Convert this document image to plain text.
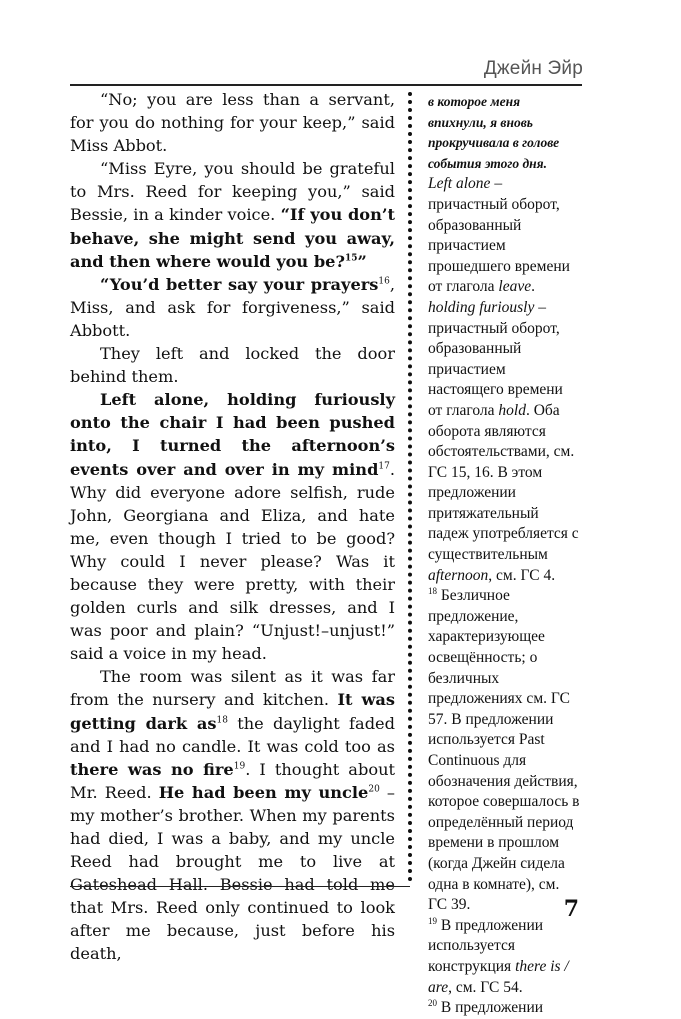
Джейн Эйр

“No; you are less than a servant, for you do nothing for your keep,” said Miss Abbot.

“Miss Eyre, you should be grateful to Mrs. Reed for keeping you,” said Bessie, in a kinder voice. “If you don’t behave, she might send you away, and then where would you be?$^{15}$”

“You’d better say your prayers$^{16}$, Miss, and ask for forgiveness,” said Abbott.

They left and locked the door behind them.

Left alone, holding furiously onto the chair I had been pushed into, I turned the afternoon’s events over and over in my mind$^{17}$. Why did everyone adore selfish, rude John, Georgiana and Eliza, and hate me, even though I tried to be good? Why could I never please? Was it because they were pretty, with their golden curls and silk dresses, and I was poor and plain? “Unjust!–unjust!” said a voice in my head.

The room was silent as it was far from the nursery and kitchen. It was getting dark $as^{18}$ the daylight faded and I had no candle. It was cold too as there was no fire$^{19}$. I thought about Mr. Reed. He had been my uncle$^{20}$ – my mother’s brother. When my parents had died, I was a baby, and my uncle Reed had brought me to live at Gateshead Hall. Bessie had told me that Mrs. Reed only continued to look after me because, just before his death,

в которое меня впихнули, я вновь прокручивала в голове события этого дня.

Left alone – причастный оборот, образованный причастием прошедшего времени от глагола leave. holding furiously – причастный оборот, образованный причастием настоящего времени от глагола hold. Оба оборота являются обстоятельствами, см. ГС 15, 16. В этом предложении притяжательный падеж употребляется с существительным afternoon, см. ГС 4.

$^{18}$ Безличное предложение, характеризующее освещённость; о безличных предложениях см. ГС 57. В предложении используется Past Continuous для обозначения действия, которое совершалось в определённый период времени в прошлом (когда Джейн сидела одна в комнате), см. ГС 39.

$^{19}$ В предложении используется конструкция there is / are, см. ГС 54.

$^{20}$ В предложении

7
